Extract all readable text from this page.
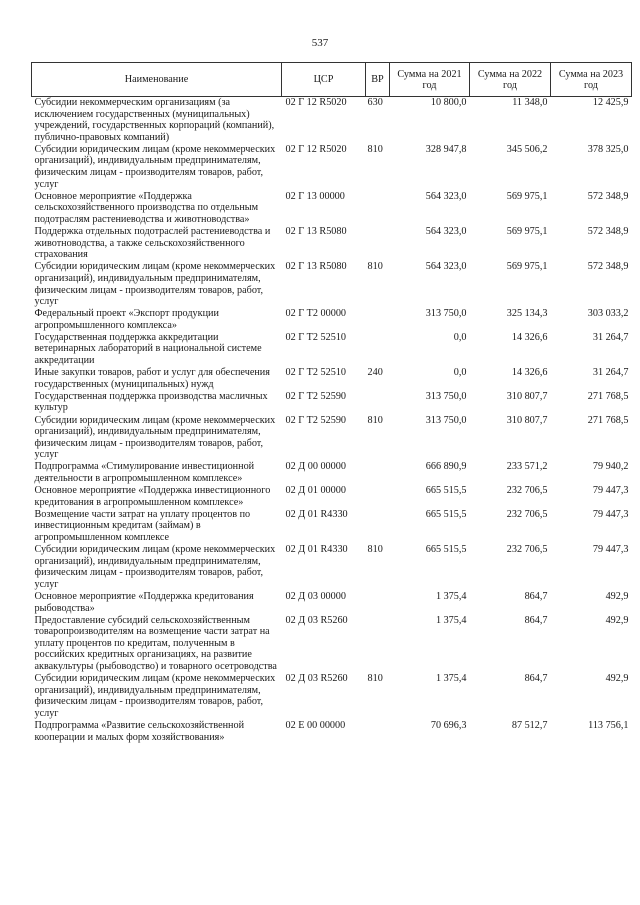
537
Наименование	ЦСР	ВР	Сумма на 2021 год	Сумма на 2022 год	Сумма на 2023 год
Субсидии некоммерческим организациям (за исключением государственных (муниципальных) учреждений, государственных корпораций (компаний), публично-правовых компаний)	02 Г 12 R5020	630	10 800,0	11 348,0	12 425,9
Субсидии юридическим лицам (кроме некоммерческих организаций), индивидуальным предпринимателям, физическим лицам - производителям товаров, работ, услуг	02 Г 12 R5020	810	328 947,8	345 506,2	378 325,0
Основное мероприятие «Поддержка сельскохозяйственного производства по отдельным подотраслям растениеводства и животноводства»	02 Г 13 00000		564 323,0	569 975,1	572 348,9
Поддержка отдельных подотраслей растениеводства и животноводства, а также сельскохозяйственного страхования	02 Г 13 R5080		564 323,0	569 975,1	572 348,9
Субсидии юридическим лицам (кроме некоммерческих организаций), индивидуальным предпринимателям, физическим лицам - производителям товаров, работ, услуг	02 Г 13 R5080	810	564 323,0	569 975,1	572 348,9
Федеральный проект «Экспорт продукции агропромышленного комплекса»	02 Г Т2 00000		313 750,0	325 134,3	303 033,2
Государственная поддержка аккредитации ветеринарных лабораторий в национальной системе аккредитации	02 Г Т2 52510		0,0	14 326,6	31 264,7
Иные закупки товаров, работ и услуг для обеспечения государственных (муниципальных) нужд	02 Г Т2 52510	240	0,0	14 326,6	31 264,7
Государственная поддержка производства масличных культур	02 Г Т2 52590		313 750,0	310 807,7	271 768,5
Субсидии юридическим лицам (кроме некоммерческих организаций), индивидуальным предпринимателям, физическим лицам - производителям товаров, работ, услуг	02 Г Т2 52590	810	313 750,0	310 807,7	271 768,5
Подпрограмма «Стимулирование инвестиционной деятельности в агропромышленном комплексе»	02 Д 00 00000		666 890,9	233 571,2	79 940,2
Основное мероприятие «Поддержка инвестиционного кредитования в агропромышленном комплексе»	02 Д 01 00000		665 515,5	232 706,5	79 447,3
Возмещение части затрат на уплату процентов по инвестиционным кредитам (займам) в агропромышленном комплексе	02 Д 01 R4330		665 515,5	232 706,5	79 447,3
Субсидии юридическим лицам (кроме некоммерческих организаций), индивидуальным предпринимателям, физическим лицам - производителям товаров, работ, услуг	02 Д 01 R4330	810	665 515,5	232 706,5	79 447,3
Основное мероприятие «Поддержка кредитования рыбоводства»	02 Д 03 00000		1 375,4	864,7	492,9
Предоставление субсидий сельскохозяйственным товаропроизводителям на возмещение части затрат на уплату процентов по кредитам, полученным в российских кредитных организациях, на развитие аквакультуры (рыбоводство) и товарного осетроводства	02 Д 03 R5260		1 375,4	864,7	492,9
Субсидии юридическим лицам (кроме некоммерческих организаций), индивидуальным предпринимателям, физическим лицам - производителям товаров, работ, услуг	02 Д 03 R5260	810	1 375,4	864,7	492,9
Подпрограмма «Развитие сельскохозяйственной кооперации и малых форм хозяйствования»	02 Е 00 00000		70 696,3	87 512,7	113 756,1
